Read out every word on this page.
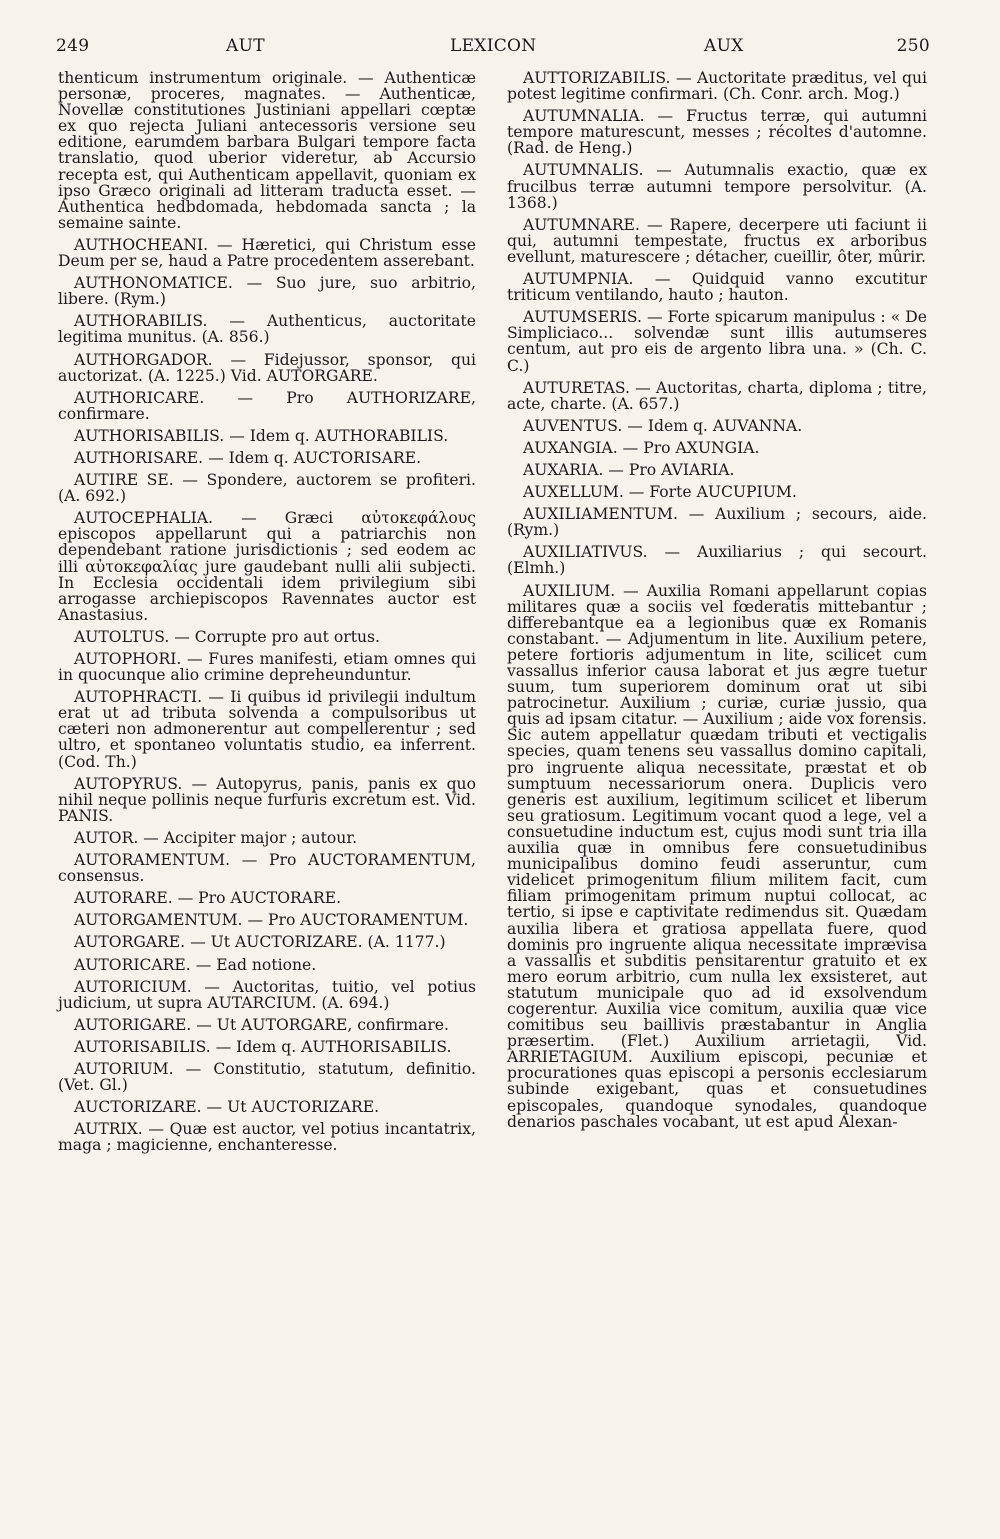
249	AUT	LEXICON	AUX	250

thenticum instrumentum originale. — Authenticæ personæ, proceres, magnates. — Authenticæ, Novellæ constitutiones Justiniani appellari cœptæ ex quo rejecta Juliani antecessoris versione seu editione, earumdem barbara Bulgari tempore facta translatio, quod uberior videretur, ab Accursio recepta est, qui Authenticam appellavit, quoniam ex ipso Græco originali ad litteram traducta esset. — Authentica hedbdomada, hebdomada sancta ; la semaine sainte.

AUTHOCHEANI. — Hæretici, qui Christum esse Deum per se, haud a Patre procedentem asserebant.

AUTHONOMATICE. — Suo jure, suo arbitrio, libere. (Rym.)

AUTHORABILIS. — Authenticus, auctoritate legitima munitus. (A. 856.)

AUTHORGADOR. — Fidejussor, sponsor, qui auctorizat. (A. 1225.) Vid. AUTORGARE.

AUTHORICARE. — Pro AUTHORIZARE, confirmare.

AUTHORISABILIS. — Idem q. AUTHORABILIS.

AUTHORISARE. — Idem q. AUCTORISARE.

AUTIRE SE. — Spondere, auctorem se profiteri. (A. 692.)

AUTOCEPHALIA. — Græci αὐτοκεφάλους episcopos appellarunt qui a patriarchis non dependebant ratione jurisdictionis ; sed eodem ac illi αὐτοκεφαλίας jure gaudebant nulli alii subjecti. In Ecclesia occidentali idem privilegium sibi arrogasse archiepiscopos Ravennates auctor est Anastasius.

AUTOLTUS. — Corrupte pro aut ortus.

AUTOPHORI. — Fures manifesti, etiam omnes qui in quocunque alio crimine depreheunduntur.

AUTOPHRACTI. — Ii quibus id privilegii indultum erat ut ad tributa solvenda a compulsoribus ut cæteri non admonerentur aut compellerentur ; sed ultro, et spontaneo voluntatis studio, ea inferrent. (Cod. Th.)

AUTOPYRUS. — Autopyrus, panis, panis ex quo nihil neque pollinis neque furfuris excretum est. Vid. PANIS.

AUTOR. — Accipiter major ; autour.

AUTORAMENTUM. — Pro AUCTORAMENTUM, consensus.

AUTORARE. — Pro AUCTORARE.

AUTORGAMENTUM. — Pro AUCTORAMENTUM.

AUTORGARE. — Ut AUCTORIZARE. (A. 1177.)

AUTORICARE. — Ead notione.

AUTORICIUM. — Auctoritas, tuitio, vel potius judicium, ut supra AUTARCIUM. (A. 694.)

AUTORIGARE. — Ut AUTORGARE, confirmare.

AUTORISABILIS. — Idem q. AUTHORISABILIS.

AUTORIUM. — Constitutio, statutum, definitio. (Vet. Gl.)

AUCTORIZARE. — Ut AUCTORIZARE.

AUTRIX. — Quæ est auctor, vel potius incantatrix, maga ; magicienne, enchanteresse.

AUTTORIZABILIS. — Auctoritate præditus, vel qui potest legitime confirmari. (Ch. Conr. arch. Mog.)

AUTUMNALIA. — Fructus terræ, qui autumni tempore maturescunt, messes ; récoltes d'automne. (Rad. de Heng.)

AUTUMNALIS. — Autumnalis exactio, quæ ex frucilbus terræ autumni tempore persolvitur. (A. 1368.)

AUTUMNARE. — Rapere, decerpere uti faciunt ii qui, autumni tempestate, fructus ex arboribus evellunt, maturescere ; détacher, cueillir, ôter, mûrir.

AUTUMPNIA. — Quidquid vanno excutitur triticum ventilando, hauto ; hauton.

AUTUMSERIS. — Forte spicarum manipulus : « De Simpliciaco... solvendæ sunt illis autumseres centum, aut pro eis de argento libra una. » (Ch. C. C.)

AUTURETAS. — Auctoritas, charta, diploma ; titre, acte, charte. (A. 657.)

AUVENTUS. — Idem q. AUVANNA.

AUXANGIA. — Pro AXUNGIA.

AUXARIA. — Pro AVIARIA.

AUXELLUM. — Forte AUCUPIUM.

AUXILIAMENTUM. — Auxilium ; secours, aide. (Rym.)

AUXILIATIVUS. — Auxiliarius ; qui secourt. (Elmh.)

AUXILIUM. — Auxilia Romani appellarunt copias militares quæ a sociis vel fœderatis mittebantur ; differebantque ea a legionibus quæ ex Romanis constabant. — Adjumentum in lite. Auxilium petere, petere fortioris adjumentum in lite, scilicet cum vassallus inferior causa laborat et jus ægre tuetur suum, tum superiorem dominum orat ut sibi patrocinetur. Auxilium ; curiæ, curiæ jussio, qua quis ad ipsam citatur. — Auxilium ; aide vox forensis. Sic autem appellatur quædam tributi et vectigalis species, quam tenens seu vassallus domino capitali, pro ingruente aliqua necessitate, præstat et ob sumptuum necessariorum onera. Duplicis vero generis est auxilium, legitimum scilicet et liberum seu gratiosum. Legitimum vocant quod a lege, vel a consuetudine inductum est, cujus modi sunt tria illa auxilia quæ in omnibus fere consuetudinibus municipalibus domino feudi asseruntur, cum videlicet primogenitum filium militem facit, cum filiam primogenitam primum nuptui collocat, ac tertio, si ipse e captivitate redimendus sit. Quædam auxilia libera et gratiosa appellata fuere, quod dominis pro ingruente aliqua necessitate imprævisa a vassallis et subditis pensitarentur gratuito et ex mero eorum arbitrio, cum nulla lex exsisteret, aut statutum municipale quo ad id exsolvendum cogerentur. Auxilia vice comitum, auxilia quæ vice comitibus seu baillivis præstabantur in Anglia præsertim. (Flet.) Auxilium arrietagii, Vid. ARRIETAGIUM. Auxilium episcopi, pecuniæ et procurationes quas episcopi a personis ecclesiarum subinde exigebant, quas et consuetudines episcopales, quandoque synodales, quandoque denarios paschales vocabant, ut est apud Alexan-
